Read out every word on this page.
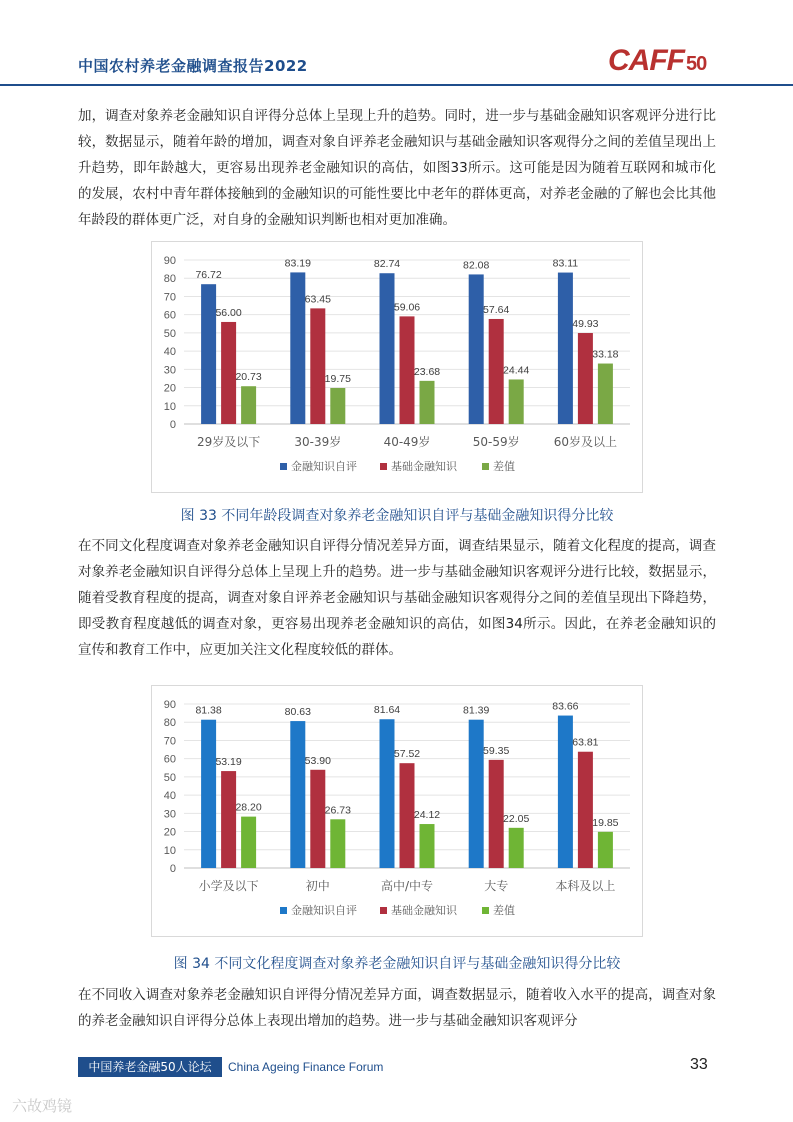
中国农村养老金融调查报告2022	CAFF 50

加，调查对象养老金融知识自评得分总体上呈现上升的趋势。同时，进一步与基础金融知识客观评分进行比较，数据显示，随着年龄的增加，调查对象自评养老金融知识与基础金融知识客观得分之间的差值呈现出上升趋势，即年龄越大，更容易出现养老金融知识的高估，如图33所示。这可能是因为随着互联网和城市化的发展，农村中青年群体接触到的金融知识的可能性要比中老年的群体更高，对养老金融的了解也会比其他年龄段的群体更广泛，对自身的金融知识判断也相对更加准确。

0
10
20
30
40
50
60
70
80
90
76.72
56.00
20.73
29岁及以下
83.19
63.45
19.75
30-39岁
82.74
59.06
23.68
40-49岁
82.08
57.64
24.44
50-59岁
83.11
49.93
33.18
60岁及以上
金融知识自评	基础金融知识	差值

图 33 不同年龄段调查对象养老金融知识自评与基础金融知识得分比较

在不同文化程度调查对象养老金融知识自评得分情况差异方面，调查结果显示，随着文化程度的提高，调查对象养老金融知识自评得分总体上呈现上升的趋势。进一步与基础金融知识客观评分进行比较，数据显示，随着受教育程度的提高，调查对象自评养老金融知识与基础金融知识客观得分之间的差值呈现出下降趋势，即受教育程度越低的调查对象，更容易出现养老金融知识的高估，如图34所示。因此，在养老金融知识的宣传和教育工作中，应更加关注文化程度较低的群体。

0
10
20
30
40
50
60
70
80
90 81.38
53.19
28.20
小学及以下
80.63
53.90
26.73
初中
81.64
57.52
24.12
高中/中专
81.39
59.35
22.05
大专
83.66
63.81
19.85
本科及以上
金融知识自评	基础金融知识	差值

图 34 不同文化程度调查对象养老金融知识自评与基础金融知识得分比较

在不同收入调查对象养老金融知识自评得分情况差异方面，调查数据显示，随着收入水平的提高，调查对象的养老金融知识自评得分总体上表现出增加的趋势。进一步与基础金融知识客观评分

中国养老金融50人论坛	China Ageing Finance Forum	33
六故鸡镜
